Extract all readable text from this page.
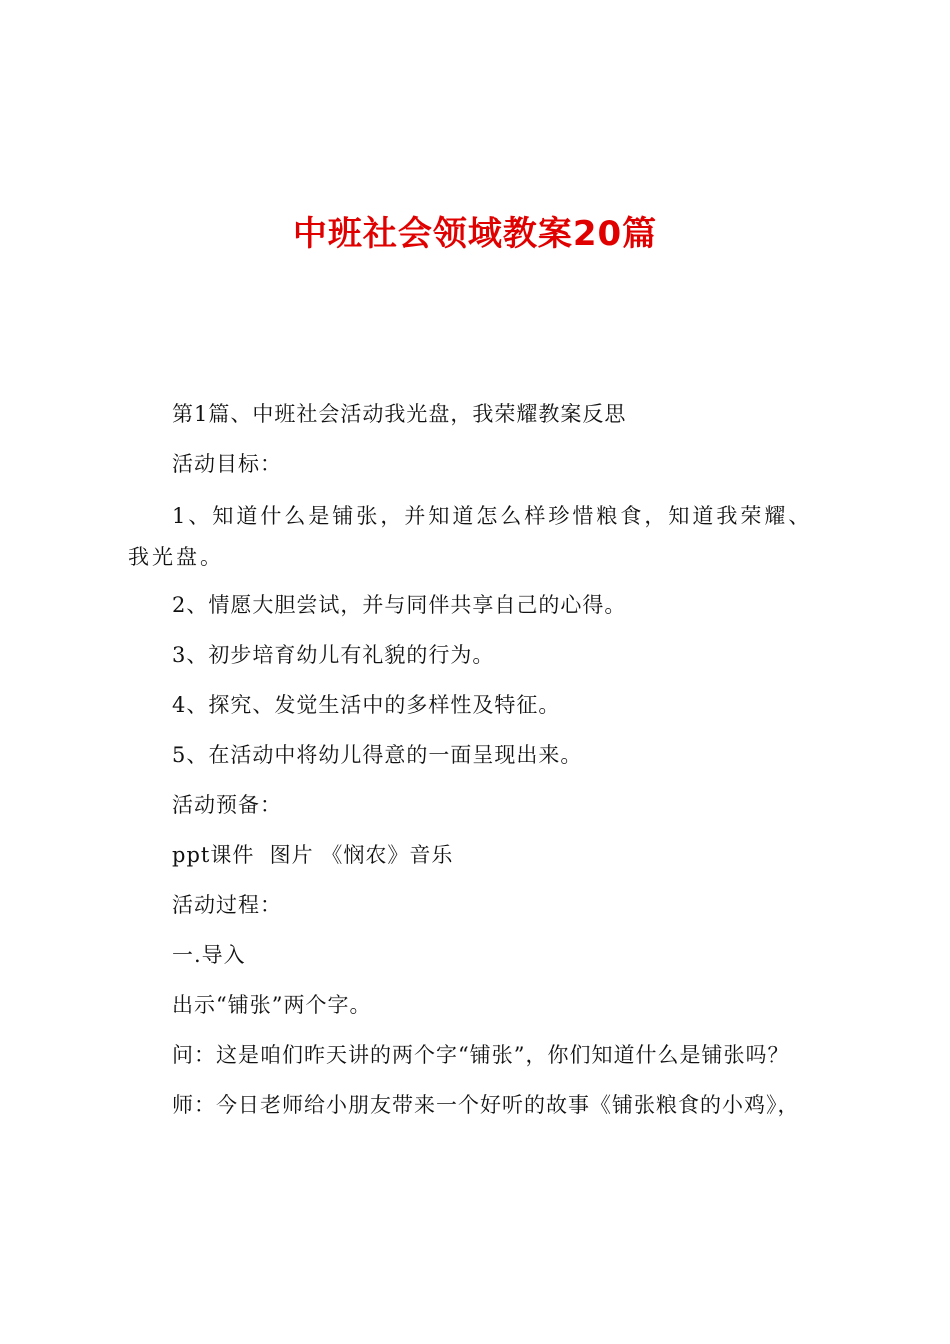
中班社会领域教案20篇

第1篇、中班社会活动我光盘，我荣耀教案反思

活动目标：

1、知道什么是铺张，并知道怎么样珍惜粮食，知道我荣耀、我光盘。

2、情愿大胆尝试，并与同伴共享自己的心得。

3、初步培育幼儿有礼貌的行为。

4、探究、发觉生活中的多样性及特征。

5、在活动中将幼儿得意的一面呈现出来。

活动预备：

ppt课件  图片 《悯农》音乐

活动过程：

一.导入

出示“铺张”两个字。

问：这是咱们昨天讲的两个字“铺张”，你们知道什么是铺张吗？

师：今日老师给小朋友带来一个好听的故事《铺张粮食的小鸡》，
